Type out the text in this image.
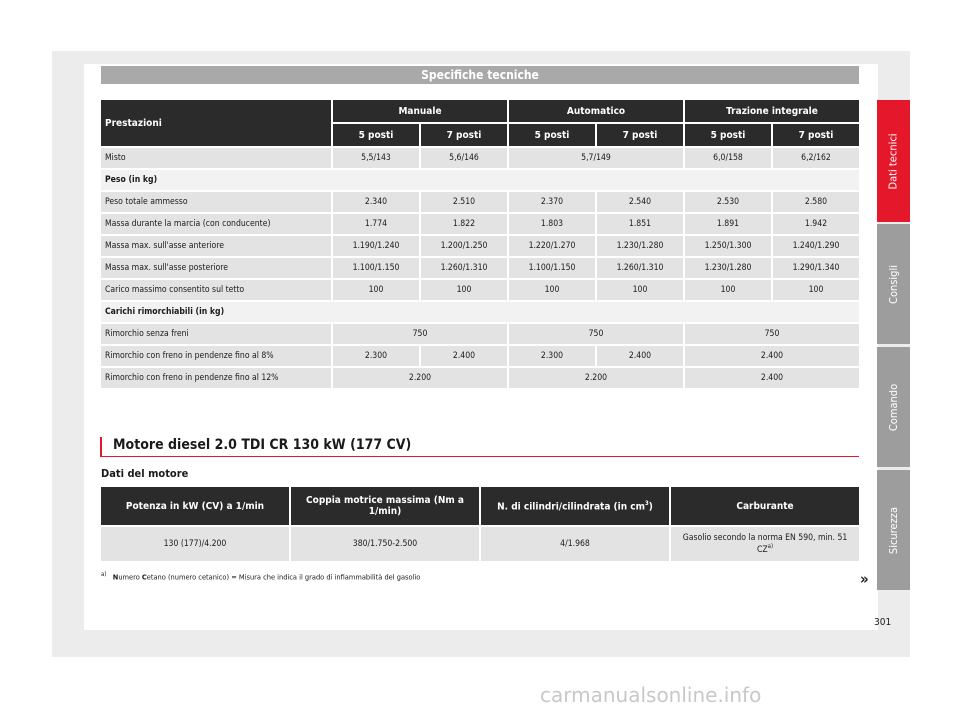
Specifiche tecniche
Prestazioni	Manuale		Automatico		Trazione integrale	
	5 posti	7 posti	5 posti	7 posti	5 posti	7 posti
Misto	5,5/143	5,6/146	5,7/149		6,0/158	6,2/162
Peso (in kg)						
Peso totale ammesso	2.340	2.510	2.370	2.540	2.530	2.580
Massa durante la marcia (con conducente)	1.774	1.822	1.803	1.851	1.891	1.942
Massa max. sull'asse anteriore	1.190/1.240	1.200/1.250	1.220/1.270	1.230/1.280	1.250/1.300	1.240/1.290
Massa max. sull'asse posteriore	1.100/1.150	1.260/1.310	1.100/1.150	1.260/1.310	1.230/1.280	1.290/1.340
Carico massimo consentito sul tetto	100	100	100	100	100	100
Carichi rimorchiabili (in kg)						
Rimorchio senza freni	750		750		750	
Rimorchio con freno in pendenze fino al 8%	2.300	2.400	2.300	2.400	2.400	
Rimorchio con freno in pendenze fino al 12%	2.200		2.200		2.400	
Motore diesel 2.0 TDI CR 130 kW (177 CV)
Dati del motore
Potenza in kW (CV) a 1/min	Coppia motrice massima (Nm a 1/min)	N. di cilindri/cilindrata (in $cm^3$)	Carburante
130 (177)/4.200	380/1.750-2.500	4/1.968	Gasolio secondo la norma EN 590, min. 51 CZ$^{a)}$
$^{a)}$ Numero Cetano (numero cetanico) = Misura che indica il grado di infiammabilità del gasolio	»
301
Dati tecnici
Consigli
Comando
Sicurezza
carmanualsonline.info
